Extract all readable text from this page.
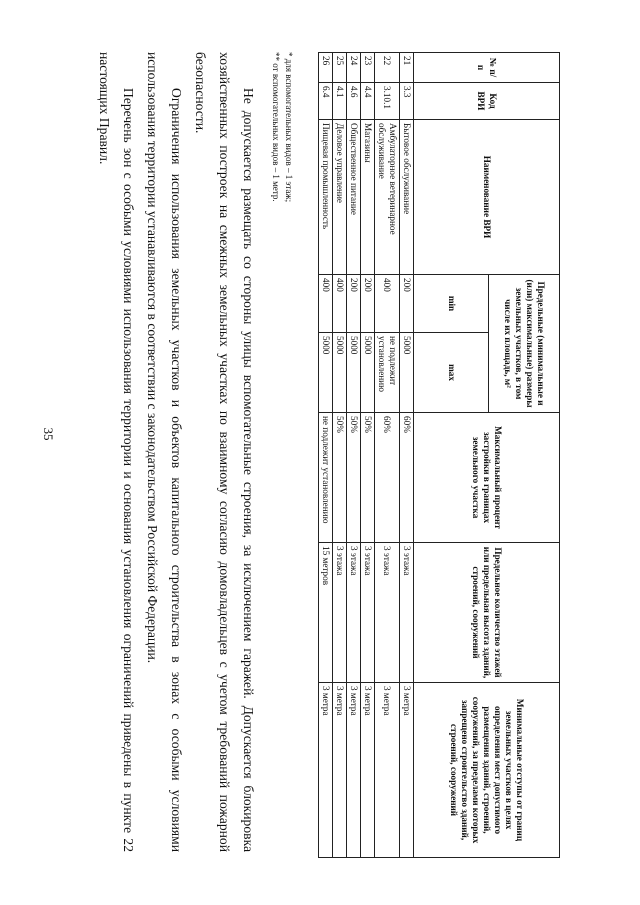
35
№ п/п	Код ВРИ	Наименование ВРИ	Предельные (минимальные и (или) максимальные) размеры земельных участков, в том числе их площадь, м²		Максимальный процент застройки в границах земельного участка	Предельное количество этажей или предельная высота зданий, строений, сооружений	Минимальные отступы от границ земельных участков в целях определения мест допустимого размещения зданий, строений, сооружений, за пределами которых запрещено строительство зданий, строений, сооружений
			min	max			
21	3.3	Бытовое обслуживание	200	5000	60%	3 этажа	3 метра
22	3.10.1	Амбулаторное ветеринарное обслуживание	400	не подлежит установлению	60%	3 этажа	3 метра
23	4.4	Магазины	200	5000	50%	3 этажа	3 метра
24	4.6	Общественное питание	200	5000	50%	3 этажа	3 метра
25	4.1	Деловое управление	400	5000	50%	3 этажа	3 метра
26	6.4	Пищевая промышленность	400	5000	не подлежит установлению	15 метров	3 метра
* для вспомогательных видов – 1 этаж;
** от вспомогательных видов – 1 метр.

Не допускается размещать со стороны улицы вспомогательные строения, за исключением гаражей. Допускается блокировка хозяйственных построек на смежных земельных участках по взаимному согласию домовладельцев с учетом требований пожарной безопасности.

Ограничения использования земельных участков и объектов капитального строительства в зонах с особыми условиями использования территории устанавливаются в соответствии с законодательством Российской Федерации.

Перечень зон с особыми условиями использования территории и основания установления ограничений приведены в пункте 22 настоящих Правил.
